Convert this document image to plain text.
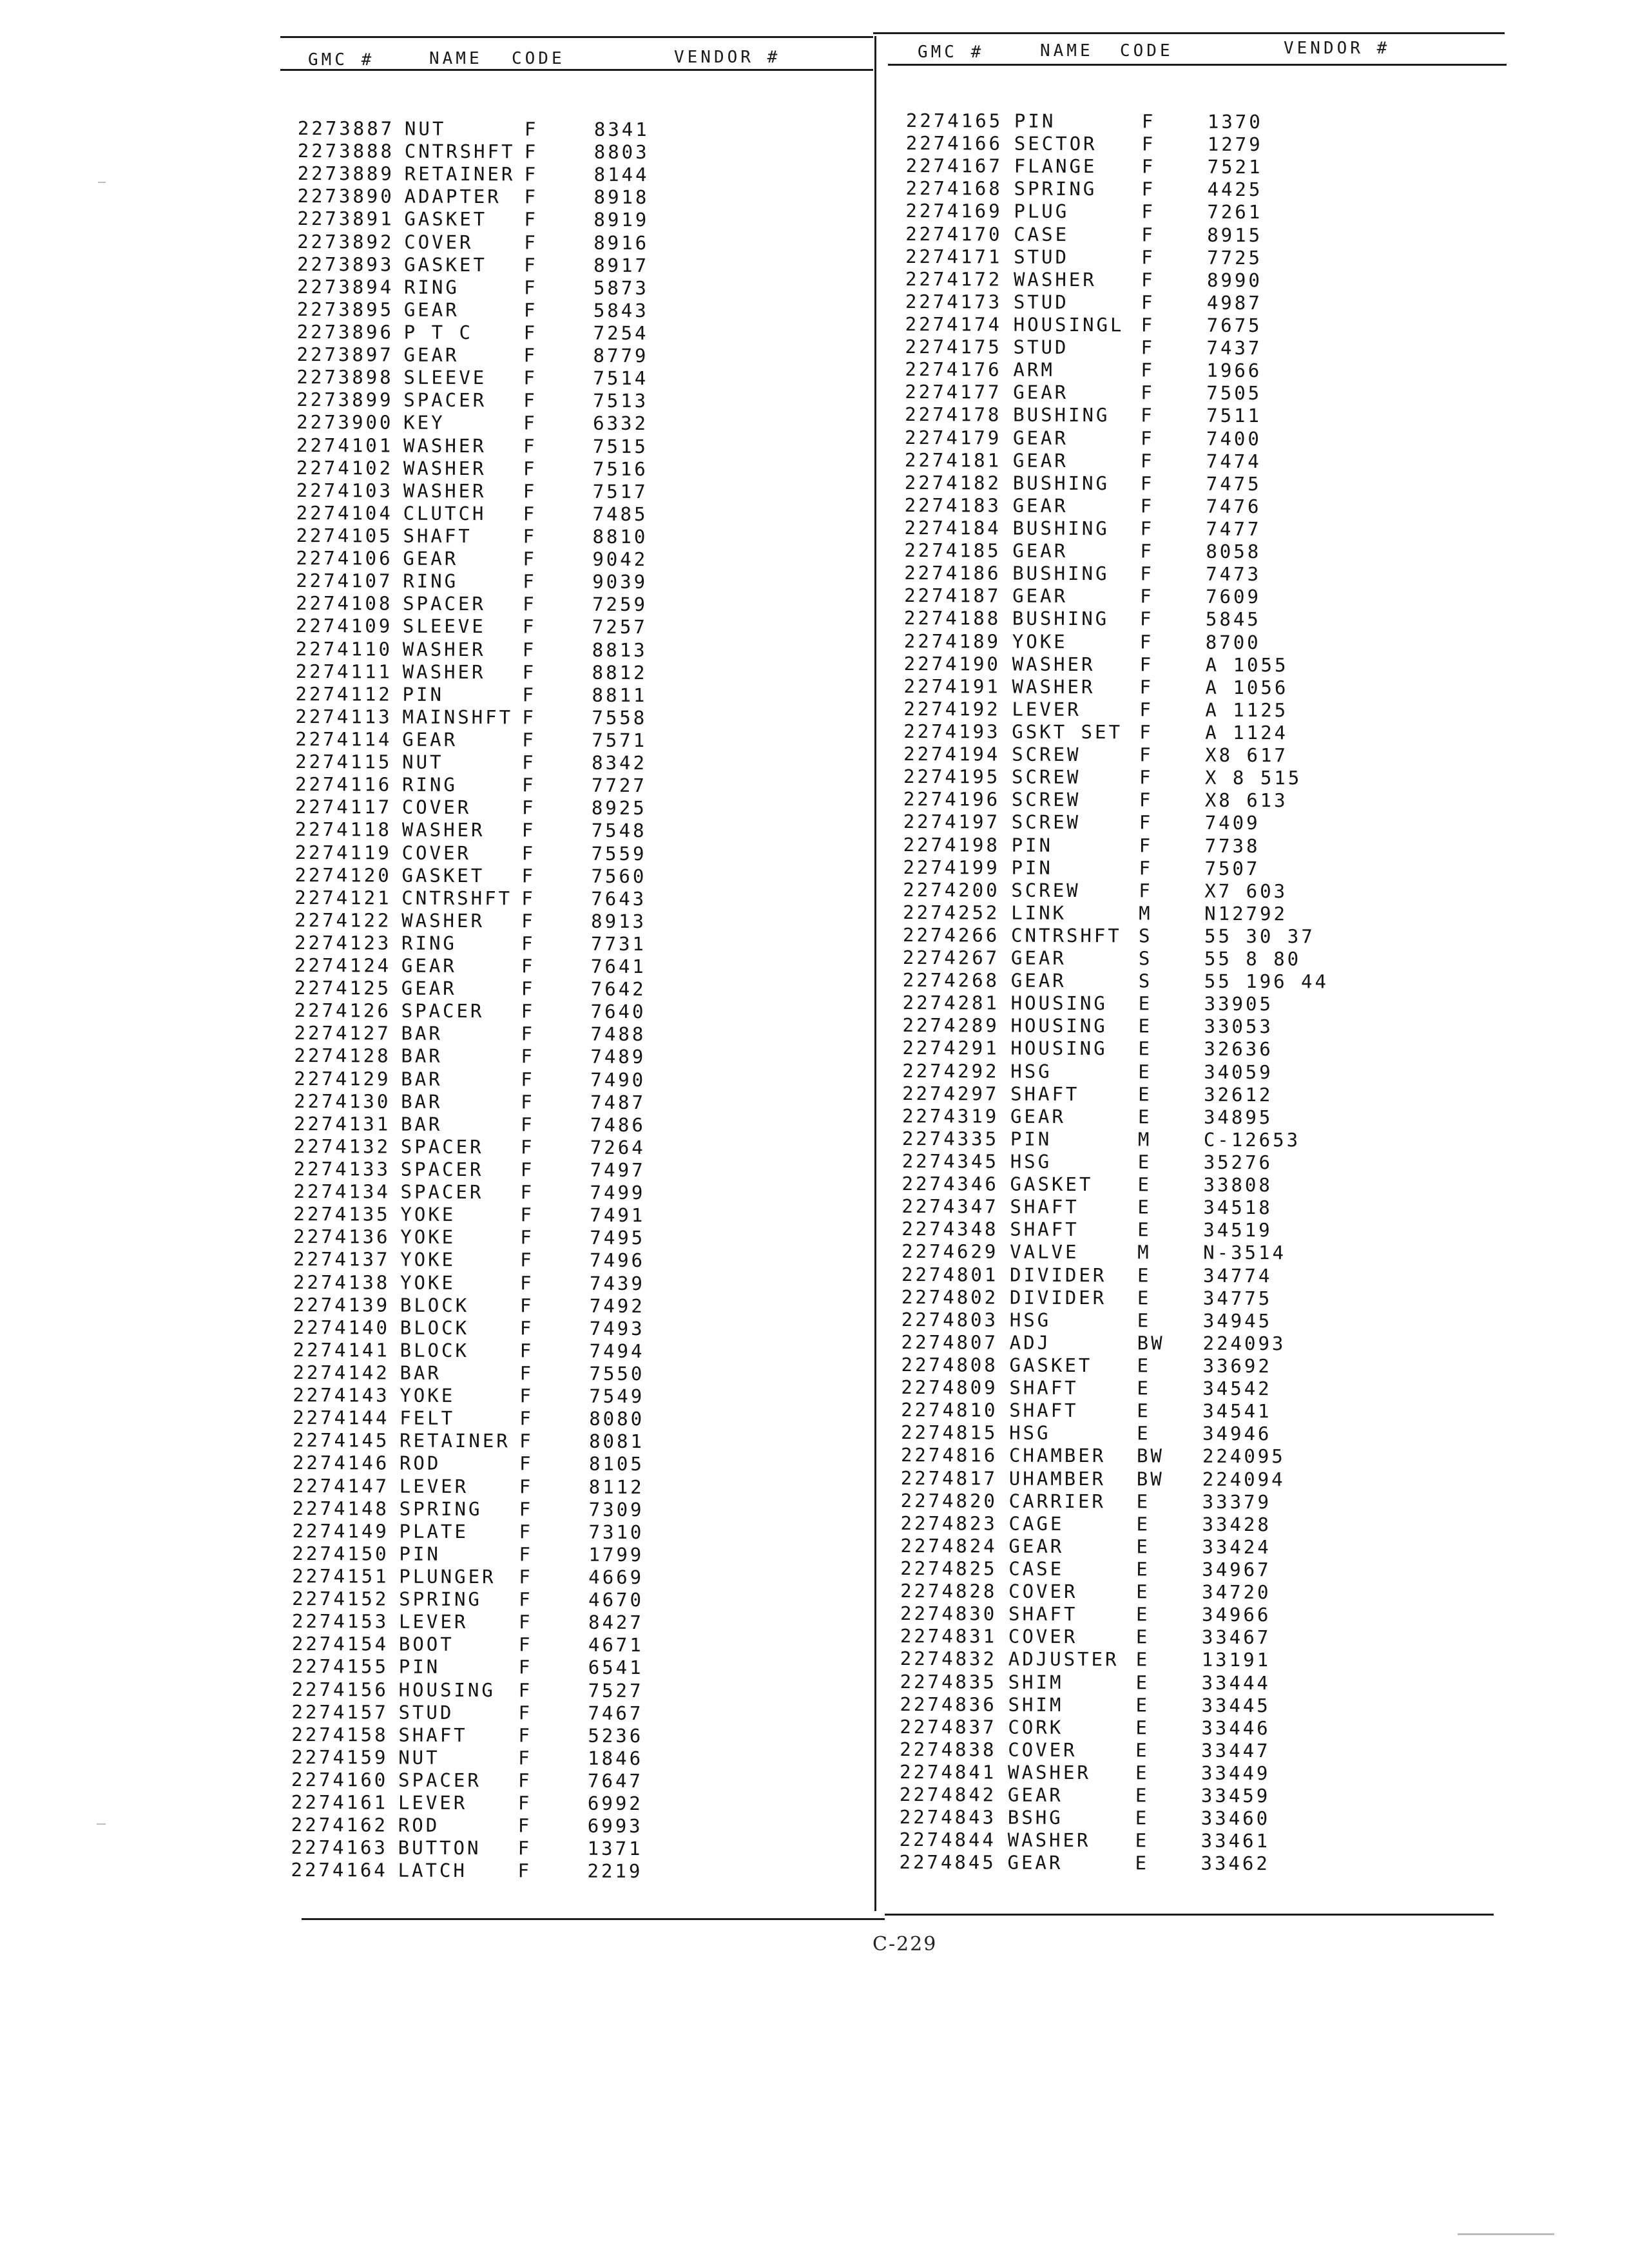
GMC #	NAME CODE	VENDOR #	GMC #	NAME CODE	VENDOR #
2273887 NUT	F	8341
2273888 CNTRSHFT F	8803
2273889 RETAINER F	8144
2273890 ADAPTER F	8918
2273891 GASKET F	8919
2273892 COVER	F	8916
2273893 GASKET F	8917
2273894 RING	F	5873
2273895 GEAR	F	5843
2273896 P T C	F	7254
2273897 GEAR	F	8779
2273898 SLEEVE F	7514
2273899 SPACER F	7513
2273900 KEY	F	6332
2274101 WASHER F	7515
2274102 WASHER F	7516
2274103 WASHER F	7517
2274104 CLUTCH F	7485
2274105 SHAFT	F	8810
2274106 GEAR	F	9042
2274107 RING	F	9039
2274108 SPACER F	7259
2274109 SLEEVE F	7257
2274110 WASHER F	8813
2274111 WASHER F	8812
2274112 PIN	F	8811
2274113 MAINSHFT F	7558
2274114 GEAR	F	7571
2274115 NUT	F	8342
2274116 RING	F	7727
2274117 COVER	F	8925
2274118 WASHER F	7548
2274119 COVER	F	7559
2274120 GASKET F	7560
2274121 CNTRSHFT F	7643
2274122 WASHER F	8913
2274123 RING	F	7731
2274124 GEAR	F	7641
2274125 GEAR	F	7642
2274126 SPACER F	7640
2274127 BAR	F	7488
2274128 BAR	F	7489
2274129 BAR	F	7490
2274130 BAR	F	7487
2274131 BAR	F	7486
2274132 SPACER F	7264
2274133 SPACER F	7497
2274134 SPACER F	7499
2274135 YOKE	F	7491
2274136 YOKE	F	7495
2274137 YOKE	F	7496
2274138 YOKE	F	7439
2274139 BLOCK	F	7492
2274140 BLOCK	F	7493
2274141 BLOCK	F	7494
2274142 BAR	F	7550
2274143 YOKE	F	7549
2274144 FELT	F	8080
2274145 RETAINER F	8081
2274146 ROD	F	8105
2274147 LEVER	F	8112
2274148 SPRING F	7309
2274149 PLATE	F	7310
2274150 PIN	F	1799
2274151 PLUNGER F	4669
2274152 SPRING F	4670
2274153 LEVER	F	8427
2274154 BOOT	F	4671
2274155 PIN	F	6541
2274156 HOUSING F	7527
2274157 STUD	F	7467
2274158 SHAFT	F	5236
2274159 NUT	F	1846
2274160 SPACER F	7647
2274161 LEVER	F	6992
2274162 ROD	F	6993
2274163 BUTTON F	1371
2274164 LATCH	F	2219
2274165 PIN	F	1370
2274166 SECTOR F	1279
2274167 FLANGE F	7521
2274168 SPRING F	4425
2274169 PLUG	F	7261
2274170 CASE	F	8915
2274171 STUD	F	7725
2274172 WASHER F	8990
2274173 STUD	F	4987
2274174 HOUSINGL F	7675
2274175 STUD	F	7437
2274176 ARM	F	1966
2274177 GEAR	F	7505
2274178 BUSHING F	7511
2274179 GEAR	F	7400
2274181 GEAR	F	7474
2274182 BUSHING F	7475
2274183 GEAR	F	7476
2274184 BUSHING F	7477
2274185 GEAR	F	8058
2274186 BUSHING F	7473
2274187 GEAR	F	7609
2274188 BUSHING F	5845
2274189 YOKE	F	8700
2274190 WASHER F	A 1055
2274191 WASHER F	A 1056
2274192 LEVER	F	A 1125
2274193 GSKT SET F	A 1124
2274194 SCREW	F	X8 617
2274195 SCREW	F	X 8 515
2274196 SCREW	F	X8 613
2274197 SCREW	F	7409
2274198 PIN	F	7738
2274199 PIN	F	7507
2274200 SCREW	F	X7 603
2274252 LINK	M	N12792
2274266 CNTRSHFT S	55 30 37
2274267 GEAR	S	55 8 80
2274268 GEAR	S	55 196 44
2274281 HOUSING E	33905
2274289 HOUSING E	33053
2274291 HOUSING E	32636
2274292 HSG	E	34059
2274297 SHAFT	E	32612
2274319 GEAR	E	34895
2274335 PIN	M	C-12653
2274345 HSG	E	35276
2274346 GASKET E	33808
2274347 SHAFT	E	34518
2274348 SHAFT	E	34519
2274629 VALVE	M	N-3514
2274801 DIVIDER E	34774
2274802 DIVIDER E	34775
2274803 HSG	E	34945
2274807 ADJ	BW 224093
2274808 GASKET E	33692
2274809 SHAFT	E	34542
2274810 SHAFT	E	34541
2274815 HSG	E	34946
2274816 CHAMBER BW 224095
2274817 UHAMBER BW 224094
2274820 CARRIER E	33379
2274823 CAGE	E	33428
2274824 GEAR	E	33424
2274825 CASE	E	34967
2274828 COVER	E	34720
2274830 SHAFT	E	34966
2274831 COVER	E	33467
2274832 ADJUSTER E	13191
2274835 SHIM	E	33444
2274836 SHIM	E	33445
2274837 CORK	E	33446
2274838 COVER	E	33447
2274841 WASHER E	33449
2274842 GEAR	E	33459
2274843 BSHG	E	33460
2274844 WASHER E	33461
2274845 GEAR	E	33462
C-229
